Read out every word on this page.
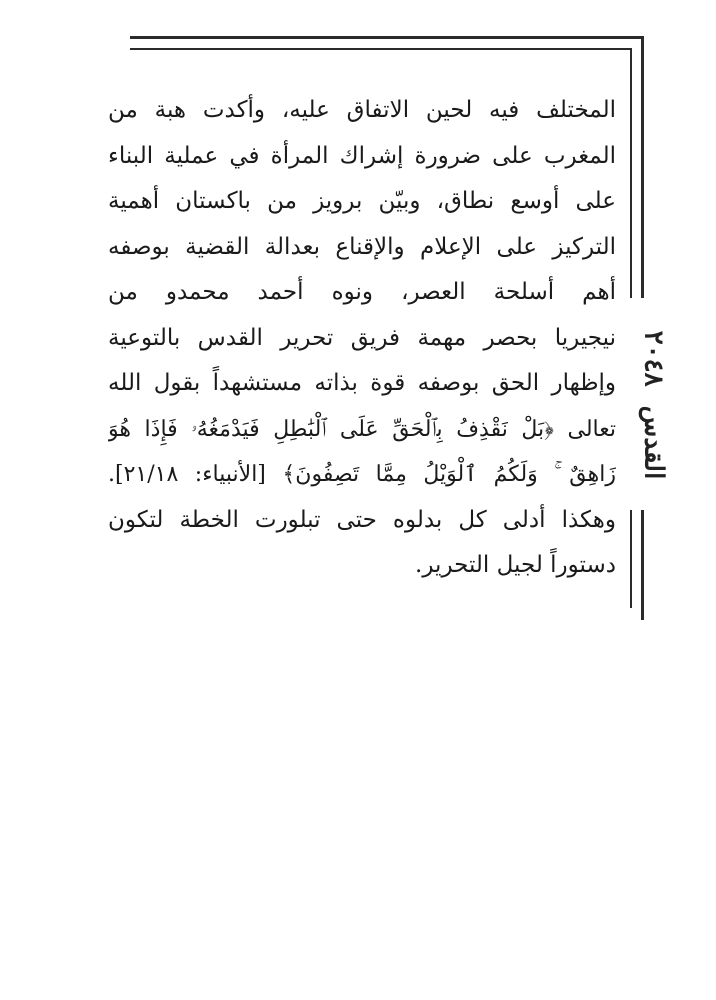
القدس ٢٠٤٨
المختلف فيه لحين الاتفاق عليه، وأكدت هبة من
المغرب على ضرورة إشراك المرأة في عملية البناء
على أوسع نطاق، وبيّن برويز من باكستان أهمية
التركيز على الإعلام والإقناع بعدالة القضية بوصفه
أهم أسلحة العصر، ونوه أحمد محمدو من
نيجيريا بحصر مهمة فريق تحرير القدس بالتوعية
وإظهار الحق بوصفه قوة بذاته مستشهداً بقول الله
تعالى ﴿بَلْ نَقْذِفُ بِٱلْحَقِّ عَلَى ٱلْبَٰطِلِ فَيَدْمَغُهُۥ فَإِذَا هُوَ
زَاهِقٌ ۚ وَلَكُمُ ٱلْوَيْلُ مِمَّا تَصِفُونَ﴾ [الأنبياء: ٢١/١٨].
وهكذا أدلى كل بدلوه حتى تبلورت الخطة لتكون
دستوراً لجيل التحرير.
